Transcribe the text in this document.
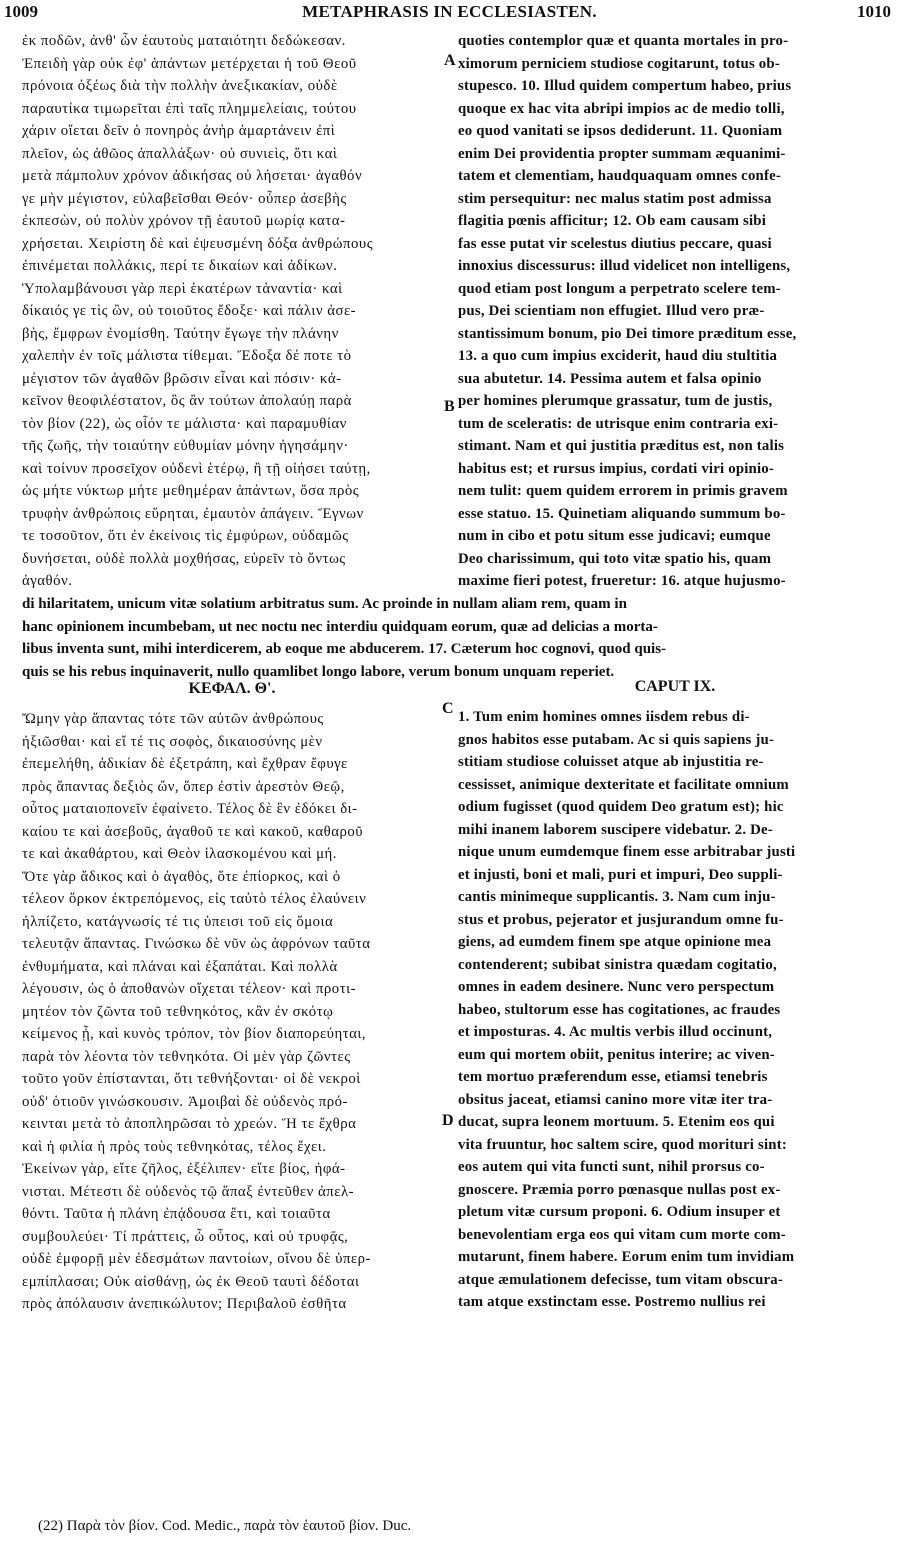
1009	METAPHRASIS IN ECCLESIASTEN.	1010
ἐκ ποδῶν, ἀνθ' ὧν ἑαυτοὺς ματαιότητι δεδώκεσαν.
Ἐπειδὴ γὰρ οὐκ ἐφ' ἁπάντων μετέρχεται ἡ τοῦ Θεοῦ
πρόνοια ὀξέως διὰ τὴν πολλὴν ἀνεξικακίαν, οὐδὲ
παραυτίκα τιμωρεῖται ἐπὶ ταῖς πλημμελείαις, τούτου
χάριν οἴεται δεῖν ὁ πονηρὸς ἀνὴρ ἁμαρτάνειν ἐπὶ
πλεῖον, ὡς ἀθῶος ἀπαλλάξων· οὐ συνιεὶς, ὅτι καὶ
μετὰ πάμπολυν χρόνον ἀδικήσας οὐ λήσεται· ἀγαθόν
γε μὴν μέγιστον, εὐλαβεῖσθαι Θεόν· οὗπερ ἀσεβὴς
ἐκπεσὼν, οὐ πολὺν χρόνον τῇ ἑαυτοῦ μωρίᾳ κατα-
χρήσεται. Χειρίστη δὲ καὶ ἐψευσμένη δόξα ἀνθρώπους
ἐπινέμεται πολλάκις, περί τε δικαίων καὶ ἀδίκων.
Ὑπολαμβάνουσι γὰρ περὶ ἑκατέρων τἀναντία· καὶ
δίκαιός γε τὶς ὢν, οὐ τοιοῦτος ἔδοξε· καὶ πάλιν ἀσε-
βὴς, ἔμφρων ἐνομίσθη. Ταύτην ἔγωγε τὴν πλάνην
χαλεπὴν ἐν τοῖς μάλιστα τίθεμαι. Ἔδοξα δέ ποτε τὸ
μέγιστον τῶν ἀγαθῶν βρῶσιν εἶναι καὶ πόσιν· κἀ-
κεῖνον θεοφιλέστατον, ὃς ἂν τούτων ἀπολαύῃ παρὰ
τὸν βίον (22), ὡς οἷόν τε μάλιστα· καὶ παραμυθίαν
τῆς ζωῆς, τὴν τοιαύτην εὐθυμίαν μόνην ἡγησάμην·
καὶ τοίνυν προσεῖχον οὐδενὶ ἑτέρῳ, ἢ τῇ οἰήσει ταύτῃ,
ὡς μήτε νύκτωρ μήτε μεθημέραν ἁπάντων, ὅσα πρὸς
τρυφὴν ἀνθρώποις εὕρηται, ἐμαυτὸν ἀπάγειν. Ἔγνων
τε τοσοῦτον, ὅτι ἐν ἐκείνοις τὶς ἐμφύρων, οὐδαμῶς
δυνήσεται, οὐδὲ πολλὰ μοχθήσας, εὑρεῖν τὸ ὄντως
ἀγαθόν.
quoties contemplor quæ et quanta mortales in pro-
ximorum perniciem studiose cogitarunt, totus ob-
stupesco. 10. Illud quidem compertum habeo, prius
quoque ex hac vita abripi impios ac de medio tolli,
eo quod vanitati se ipsos dediderunt. 11. Quoniam
enim Dei providentia propter summam æquanimi-
tatem et clementiam, haudquaquam omnes confe-
stim persequitur: nec malus statim post admissa
flagitia pœnis afficitur; 12. Ob eam causam sibi
fas esse putat vir scelestus diutius peccare, quasi
innoxius discessurus: illud videlicet non intelligens,
quod etiam post longum a perpetrato scelere tem-
pus, Dei scientiam non effugiet. Illud vero præ-
stantissimum bonum, pio Dei timore præditum esse,
13. a quo cum impius exciderit, haud diu stultitia
sua abutetur. 14. Pessima autem et falsa opinio
per homines plerumque grassatur, tum de justis,
tum de sceleratis: de utrisque enim contraria exi-
stimant. Nam et qui justitia præditus est, non talis
habitus est; et rursus impius, cordati viri opinio-
nem tulit: quem quidem errorem in primis gravem
esse statuo. 15. Quinetiam aliquando summum bo-
num in cibo et potu situm esse judicavi; eumque
Deo charissimum, qui toto vitæ spatio his, quam
maxime fieri potest, frueretur: 16. atque hujusmo-
di hilaritatem, unicum vitæ solatium arbitratus sum. Ac proinde in nullam aliam rem, quam in
hanc opinionem incumbebam, ut nec noctu nec interdiu quidquam eorum, quæ ad delicias a morta-
libus inventa sunt, mihi interdicerem, ab eoque me abducerem. 17. Cæterum hoc cognovi, quod quis-
quis se his rebus inquinaverit, nullo quamlibet longo labore, verum bonum unquam reperiet.
ΚΕΦΑΛ. Θ'.	CAPUT IX.
Ὤμην γὰρ ἅπαντας τότε τῶν αὐτῶν ἀνθρώπους
ἠξιῶσθαι· καὶ εἴ τέ τις σοφὸς, δικαιοσύνης μὲν
ἐπεμελήθη, ἀδικίαν δὲ ἐξετράπη, καὶ ἔχθραν ἔφυγε
πρὸς ἅπαντας δεξιὸς ὤν, ὅπερ ἐστὶν ἀρεστὸν Θεῷ,
οὗτος ματαιοπονεῖν ἐφαίνετο. Τέλος δὲ ἓν ἐδόκει δι-
καίου τε καὶ ἀσεβοῦς, ἀγαθοῦ τε καὶ κακοῦ, καθαροῦ
τε καὶ ἀκαθάρτου, καὶ Θεὸν ἱλασκομένου καὶ μή.
Ὅτε γὰρ ἄδικος καὶ ὁ ἀγαθὸς, ὅτε ἐπίορκος, καὶ ὁ
τέλεον ὅρκον ἐκτρεπόμενος, εἰς ταὐτὸ τέλος ἐλαύνειν
ἠλπίζετο, κατάγνωσίς τέ τις ὑπεισι τοῦ εἰς ὅμοια
τελευτᾷν ἅπαντας. Γινώσκω δὲ νῦν ὡς ἀφρόνων ταῦτα
ἐνθυμήματα, καὶ πλάναι καὶ ἐξαπάται. Καὶ πολλὰ
λέγουσιν, ὡς ὁ ἀποθανὼν οἴχεται τέλεον· καὶ προτι-
μητέον τὸν ζῶντα τοῦ τεθνηκότος, κἂν ἐν σκότῳ
κείμενος ᾖ, καὶ κυνὸς τρόπον, τὸν βίον διαπορεύηται,
παρὰ τὸν λέοντα τὸν τεθνηκότα. Οἱ μὲν γὰρ ζῶντες
τοῦτο γοῦν ἐπίστανται, ὅτι τεθνήξονται· οἱ δὲ νεκροὶ
οὐδ' ὁτιοῦν γινώσκουσιν. Ἀμοιβαὶ δὲ οὐδενὸς πρό-
κεινται μετὰ τὸ ἀποπληρῶσαι τὸ χρεών. Ἥ τε ἔχθρα
καὶ ἡ φιλία ἡ πρὸς τοὺς τεθνηκότας, τέλος ἔχει.
Ἐκείνων γὰρ, εἴτε ζῆλος, ἐξέλιπεν· εἴτε βίος, ἠφά-
νισται. Μέτεστι δὲ οὐδενὸς τῷ ἅπαξ ἐντεῦθεν ἀπελ-
θόντι. Ταῦτα ἡ πλάνη ἐπᾴδουσα ἔτι, καὶ τοιαῦτα
συμβουλεύει· Τί πράττεις, ὦ οὗτος, καὶ οὐ τρυφᾷς,
οὐδὲ ἐμφορῇ μὲν ἐδεσμάτων παντοίων, οἴνου δὲ ὑπερ-
εμπίπλασαι; Οὐκ αἰσθάνῃ, ὡς ἐκ Θεοῦ ταυτὶ δέδοται
πρὸς ἀπόλαυσιν ἀνεπικώλυτον; Περιβαλοῦ ἐσθῆτα
1. Tum enim homines omnes iisdem rebus di-
gnos habitos esse putabam. Ac si quis sapiens ju-
stitiam studiose coluisset atque ab injustitia re-
cessisset, animique dexteritate et facilitate omnium
odium fugisset (quod quidem Deo gratum est); hic
mihi inanem laborem suscipere videbatur. 2. De-
nique unum eumdemque finem esse arbitrabar justi
et injusti, boni et mali, puri et impuri, Deo suppli-
cantis minimeque supplicantis. 3. Nam cum inju-
stus et probus, pejerator et jusjurandum omne fu-
giens, ad eumdem finem spe atque opinione mea
contenderent; subibat sinistra quædam cogitatio,
omnes in eadem desinere. Nunc vero perspectum
habeo, stultorum esse has cogitationes, ac fraudes
et imposturas. 4. Ac multis verbis illud occinunt,
eum qui mortem obiit, penitus interire; ac viven-
tem mortuo præferendum esse, etiamsi tenebris
obsitus jaceat, etiamsi canino more vitæ iter tra-
ducat, supra leonem mortuum. 5. Etenim eos qui
vita fruuntur, hoc saltem scire, quod morituri sint:
eos autem qui vita functi sunt, nihil prorsus co-
gnoscere. Præmia porro pœnasque nullas post ex-
pletum vitæ cursum proponi. 6. Odium insuper et
benevolentiam erga eos qui vitam cum morte com-
mutarunt, finem habere. Eorum enim tum invidiam
atque æmulationem defecisse, tum vitam obscura-
tam atque exstinctam esse. Postremo nullius rei
A
B
C
D
(22) Παρὰ τὸν βίον. Cod. Medic., παρὰ τὸν ἑαυτοῦ βίον. Duc.
